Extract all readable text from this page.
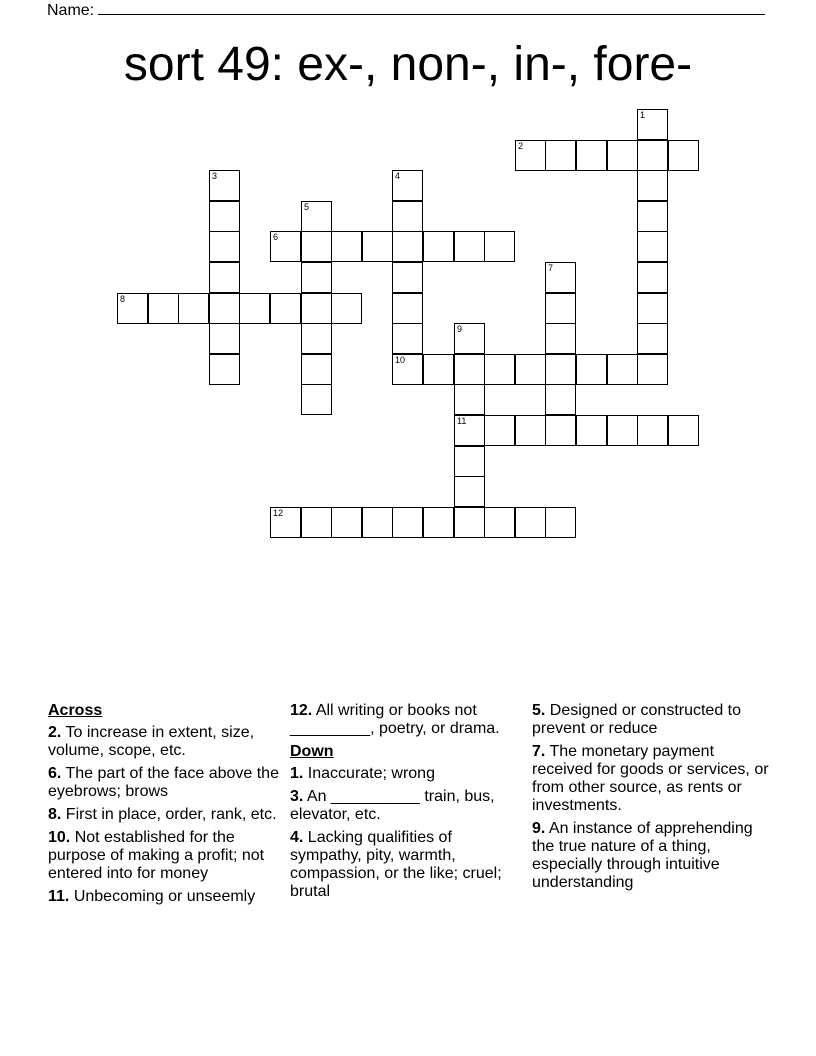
Name:
sort 49: ex-, non-, in-, fore-
1
2
3	4
10
5
6
7
8
9
11
12
Across
2. To increase in extent, size, volume, scope, etc.
6. The part of the face above the eyebrows; brows
8. First in place, order, rank, etc.
10. Not established for the purpose of making a profit; not entered into for money
11. Unbecoming or unseemly
12. All writing or books not _________, poetry, or drama.
Down
1. Inaccurate; wrong
3. An __________ train, bus, elevator, etc.
4. Lacking qualifities of sympathy, pity, warmth, compassion, or the like; cruel; brutal
5. Designed or constructed to prevent or reduce
7. The monetary payment received for goods or services, or from other source, as rents or investments.
9. An instance of apprehending the true nature of a thing, especially through intuitive understanding
